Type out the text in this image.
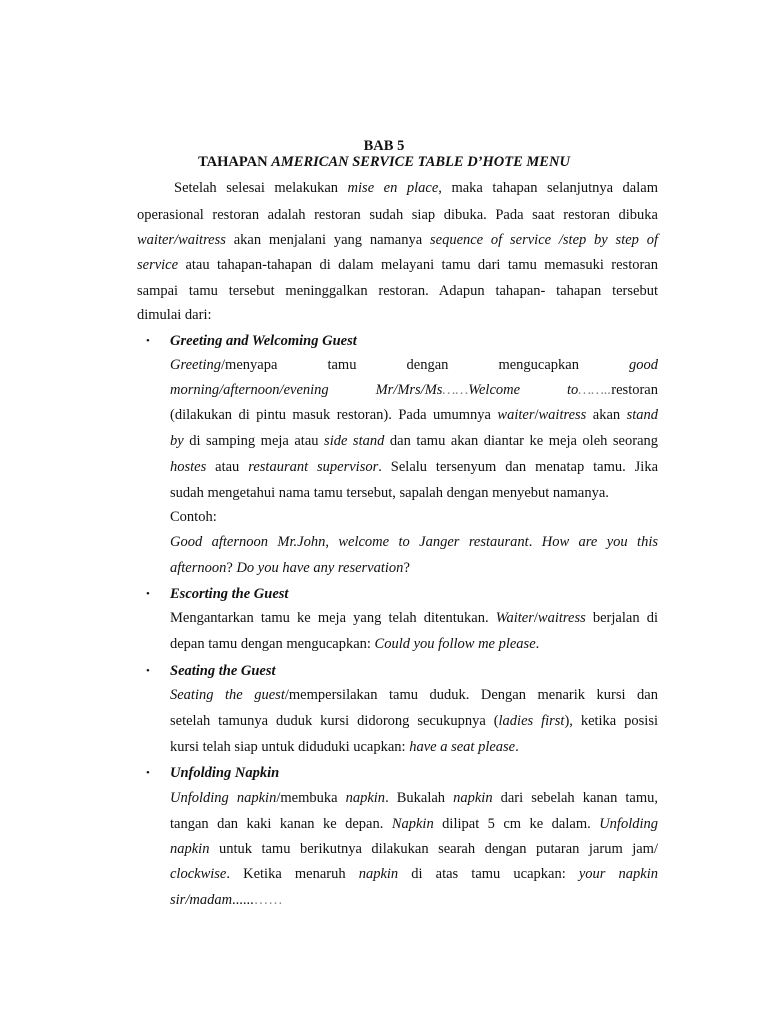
BAB 5
TAHAPAN AMERICAN SERVICE TABLE D’HOTE MENU
Setelah selesai melakukan mise en place, maka tahapan selanjutnya dalam
operasional restoran adalah restoran sudah siap dibuka. Pada saat restoran dibuka
waiter/waitress akan menjalani yang namanya sequence of service /step by step of
service atau tahapan-tahapan di dalam melayani tamu dari tamu memasuki restoran
sampai tamu tersebut meninggalkan restoran. Adapun tahapan- tahapan tersebut
dimulai dari:
• Greeting and Welcoming Guest
Greeting/menyapa	tamu	dengan	mengucapkan	good
morning/afternoon/evening	Mr/Mrs/Ms……Welcome	to……..restoran
(dilakukan di pintu masuk restoran). Pada umumnya waiter/waitress akan stand
by di samping meja atau side stand dan tamu akan diantar ke meja oleh seorang
hostes atau restaurant supervisor. Selalu tersenyum dan menatap tamu. Jika
sudah mengetahui nama tamu tersebut, sapalah dengan menyebut namanya.
Contoh:
Good afternoon Mr.John, welcome to Janger restaurant. How are you this
afternoon? Do you have any reservation?
• Escorting the Guest
Mengantarkan tamu ke meja yang telah ditentukan. Waiter/waitress berjalan di
depan tamu dengan mengucapkan: Could you follow me please.
• Seating the Guest
Seating the guest/mempersilakan tamu duduk. Dengan menarik kursi dan
setelah tamunya duduk kursi didorong secukupnya (ladies first), ketika posisi
kursi telah siap untuk diduduki ucapkan: have a seat please.
• Unfolding Napkin
Unfolding napkin/membuka napkin. Bukalah napkin dari sebelah kanan tamu,
tangan dan kaki kanan ke depan. Napkin dilipat 5 cm ke dalam. Unfolding
napkin untuk tamu berikutnya dilakukan searah dengan putaran jarum jam/
clockwise. Ketika menaruh napkin di atas tamu ucapkan: your napkin
sir/madam......……
